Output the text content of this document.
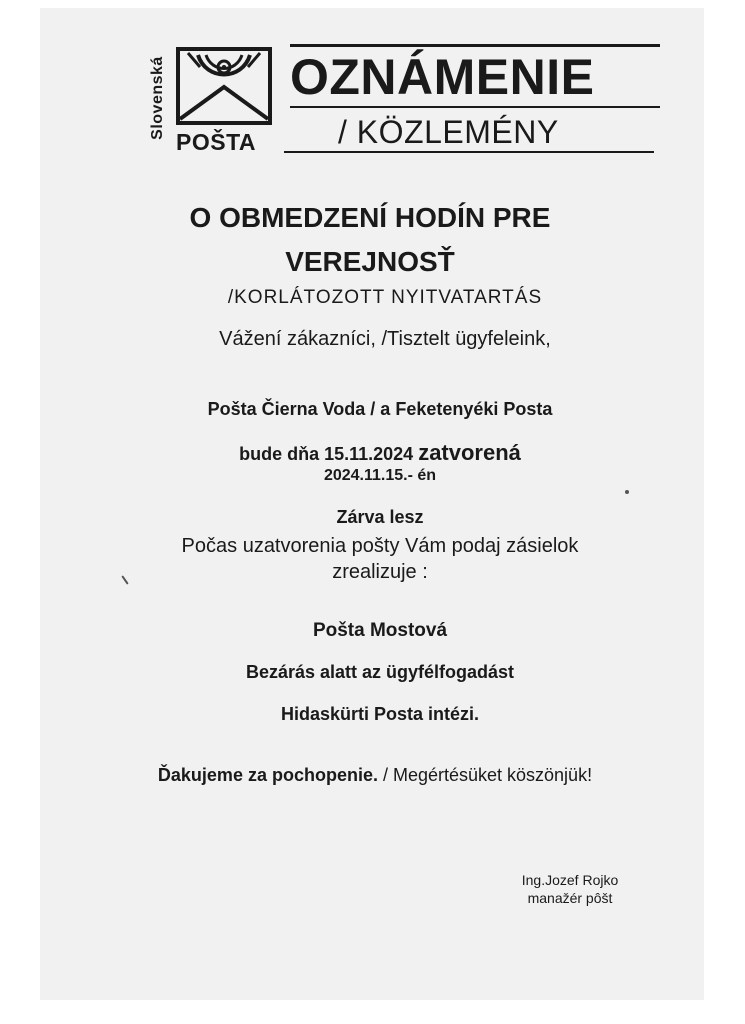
Slovenská
POŠTA
OZNÁMENIE
/ KÖZLEMÉNY
O OBMEDZENÍ HODÍN PRE
VEREJNOSŤ
/KORLÁTOZOTT NYITVATARTÁS
Vážení zákazníci, /Tisztelt ügyfeleink,
Pošta Čierna Voda / a Feketenyéki Posta
bude dňa 15.11.2024 zatvorená
2024.11.15.- én
Zárva lesz
Počas uzatvorenia pošty Vám podaj zásielok
zrealizuje :
Pošta Mostová
Bezárás alatt az ügyfélfogadást
Hidaskürti Posta intézi.
Ďakujeme za pochopenie. / Megértésüket köszönjük!
Ing.Jozef Rojko
manažér pôšt
